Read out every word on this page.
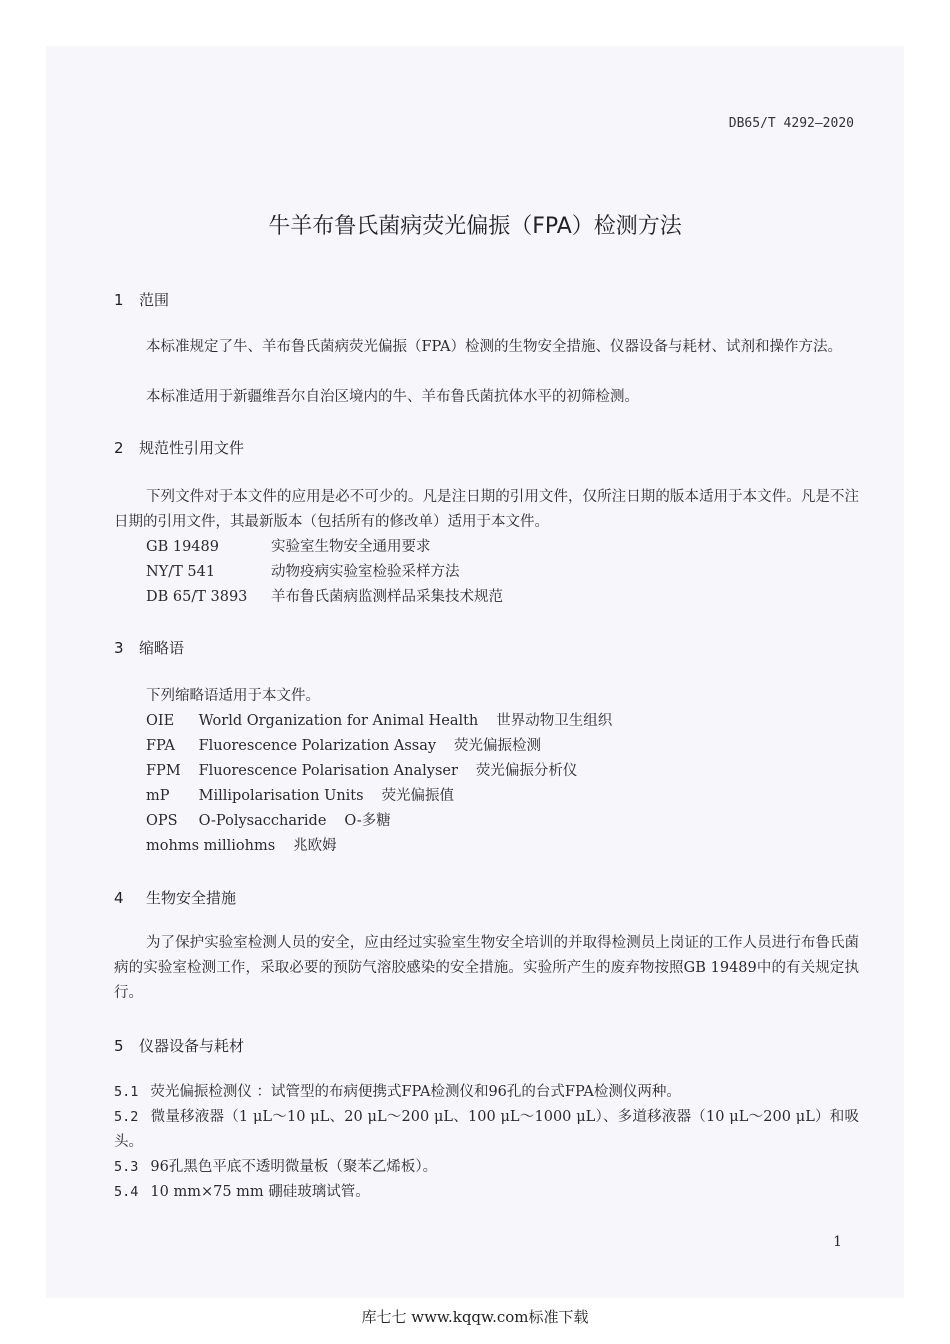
DB65/T 4292—2020
牛羊布鲁氏菌病荧光偏振（FPA）检测方法
1 范围
本标准规定了牛、羊布鲁氏菌病荧光偏振（FPA）检测的生物安全措施、仪器设备与耗材、试剂和操作方法。
本标准适用于新疆维吾尔自治区境内的牛、羊布鲁氏菌抗体水平的初筛检测。
2 规范性引用文件
下列文件对于本文件的应用是必不可少的。凡是注日期的引用文件，仅所注日期的版本适用于本文件。凡是不注日期的引用文件，其最新版本（包括所有的修改单）适用于本文件。
GB 19489	实验室生物安全通用要求
NY/T 541	动物疫病实验室检验采样方法
DB 65/T 3893 羊布鲁氏菌病监测样品采集技术规范
3 缩略语
下列缩略语适用于本文件。
OIE World Organization for Animal Health 世界动物卫生组织
FPA Fluorescence Polarization Assay 荧光偏振检测
FPM Fluorescence Polarisation Analyser 荧光偏振分析仪
mP Millipolarisation Units 荧光偏振值
OPS O-Polysaccharide O-多糖
mohms milliohms 兆欧姆
4 生物安全措施
为了保护实验室检测人员的安全，应由经过实验室生物安全培训的并取得检测员上岗证的工作人员进行布鲁氏菌病的实验室检测工作，采取必要的预防气溶胶感染的安全措施。实验所产生的废弃物按照GB 19489中的有关规定执行。
5 仪器设备与耗材
5.1 荧光偏振检测仪 ：试管型的布病便携式FPA检测仪和96孔的台式FPA检测仪两种。
5.2 微量移液器（1 μL～10 μL、20 μL～200 μL、100 μL～1000 μL）、多道移液器（10 μL～200 μL）和吸头。
5.3 96孔黑色平底不透明微量板（聚苯乙烯板）。
5.4 10 mm×75 mm 硼硅玻璃试管。
1
库七七 www.kqqw.com标准下载
